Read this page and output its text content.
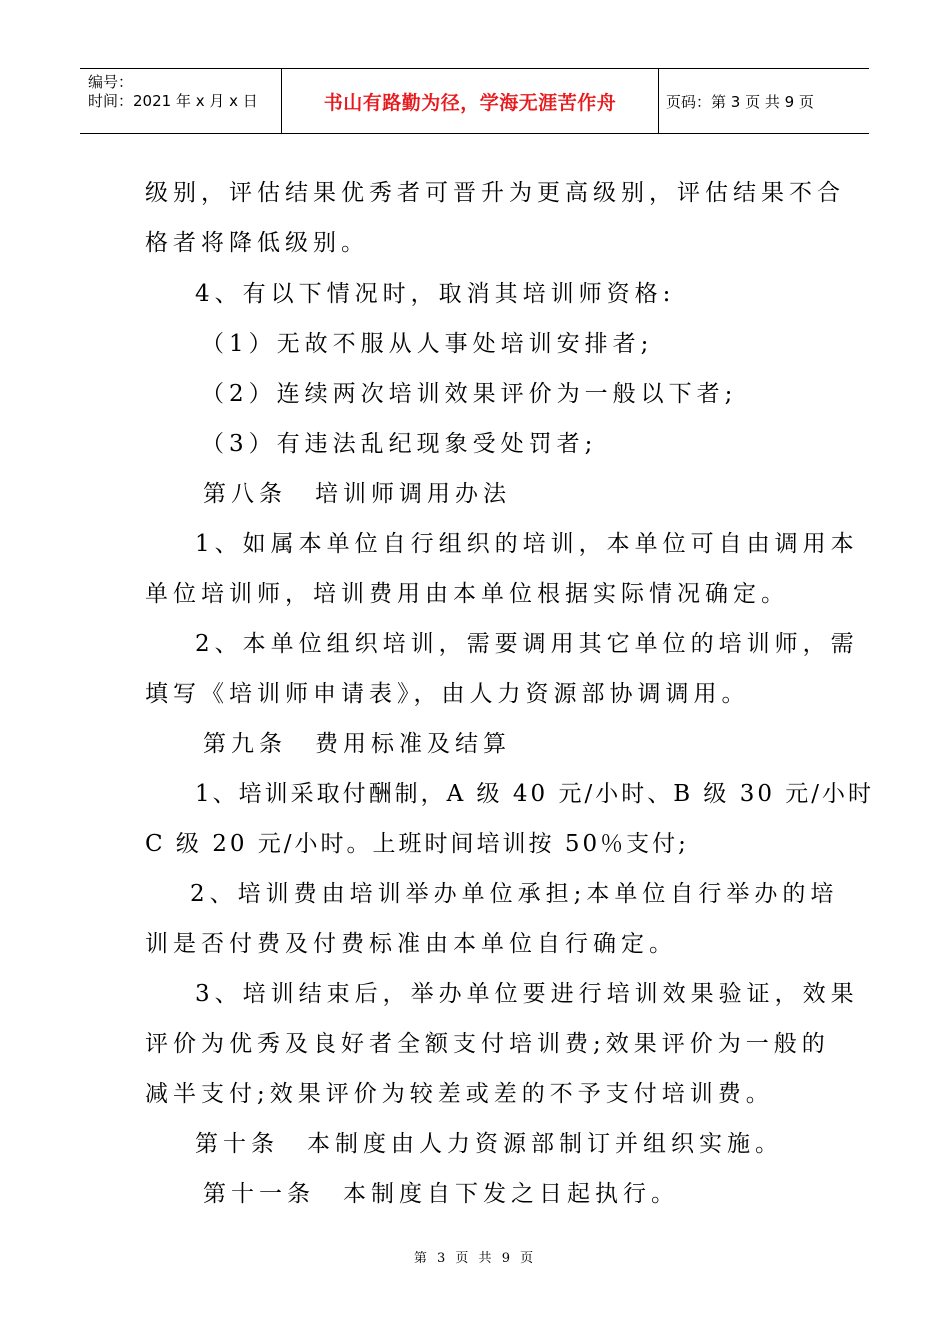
编号：
时间：2021 年 x 月 x 日	书山有路勤为径，学海无涯苦作舟	页码：第 3 页 共 9 页
级别，评估结果优秀者可晋升为更高级别，评估结果不合
格者将降低级别。
4、有以下情况时，取消其培训师资格:
（1）无故不服从人事处培训安排者;
（2）连续两次培训效果评价为一般以下者;
（3）有违法乱纪现象受处罚者;
第八条　培训师调用办法
1、如属本单位自行组织的培训，本单位可自由调用本
单位培训师，培训费用由本单位根据实际情况确定。
2、本单位组织培训，需要调用其它单位的培训师，需
填写《培训师申请表》，由人力资源部协调调用。
第九条　费用标准及结算
1、培训采取付酬制，A 级 40 元/小时、B 级 30 元/小时
C 级 20 元/小时。上班时间培训按 50％支付;
2、培训费由培训举办单位承担;本单位自行举办的培
训是否付费及付费标准由本单位自行确定。
3、培训结束后，举办单位要进行培训效果验证，效果
评价为优秀及良好者全额支付培训费;效果评价为一般的
减半支付;效果评价为较差或差的不予支付培训费。
第十条　本制度由人力资源部制订并组织实施。
第十一条　本制度自下发之日起执行。
第 3 页 共 9 页
